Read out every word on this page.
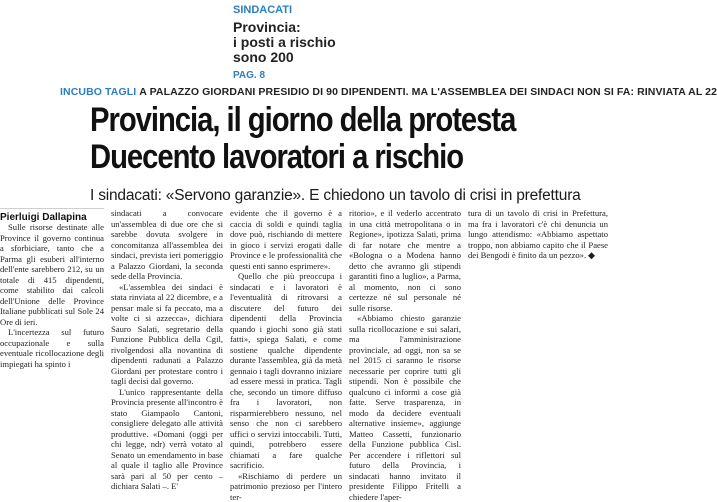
SINDACATI
Provincia:
i posti a rischio
sono 200
PAG. 8
INCUBO TAGLI A PALAZZO GIORDANI PRESIDIO DI 90 DIPENDENTI. MA L'ASSEMBLEA DEI SINDACI NON SI FA: RINVIATA AL 22
Provincia, il giorno della protesta
Duecento lavoratori a rischio
I sindacati: «Servono garanzie». E chiedono un tavolo di crisi in prefettura
Pierluigi Dallapina

Sulle risorse destinate alle Province il governo continua a sforbiciare, tanto che a Parma gli esuberi all'interno dell'ente sarebbero 212, su un totale di 415 dipendenti, come stabilito dai calcoli dell'Unione delle Province Italiane pubblicati sul Sole 24 Ore di ieri.

L'incertezza sul futuro occupazionale e sulla eventuale ricollocazione degli impiegati ha spinto i

sindacati a convocare un'assemblea di due ore che si sarebbe dovuta svolgere in concomitanza all'assemblea dei sindaci, prevista ieri pomeriggio a Palazzo Giordani, la seconda sede della Provincia.

«L'assemblea dei sindaci è stata rinviata al 22 dicembre, e a pensar male si fa peccato, ma a volte ci si azzecca», dichiara Sauro Salati, segretario della Funzione Pubblica della Cgil, rivolgendosi alla novantina di dipendenti radunati a Palazzo Giordani per protestare contro i tagli decisi dal governo.

L'unico rappresentante della Provincia presente all'incontro è stato Giampaolo Cantoni, consigliere delegato alle attività produttive. «Domani (oggi per chi legge, ndr) verrà votato al Senato un emendamento in base al quale il taglio alle Province sarà pari al 50 per cento – dichiara Salati –. E'

evidente che il governo è a caccia di soldi e quindi taglia dove può, rischiando di mettere in gioco i servizi erogati dalle Province e le professionalità che questi enti sanno esprimere».

Quello che più preoccupa i sindacati e i lavoratori è l'eventualità di ritrovarsi a discutere del futuro dei dipendenti della Provincia quando i giochi sono già stati fatti», spiega Salati, e come sostiene qualche dipendente durante l'assemblea, già da metà gennaio i tagli dovranno iniziare ad essere messi in pratica. Tagli che, secondo un timore diffuso fra i lavoratori, non risparmierebbero nessuno, nel senso che non ci sarebbero uffici o servizi intoccabili. Tutti, quindi, potrebbero essere chiamati a fare qualche sacrificio.

«Rischiamo di perdere un patrimonio prezioso per l'intero ter-

ritorio», e il vederlo accentrato in una città metropolitana o in Regione», ipotizza Salati, prima di far notare che mentre a «Bologna o a Modena hanno detto che avranno gli stipendi garantiti fino a luglio», a Parma, al momento, non ci sono certezze né sul personale né sulle risorse.

«Abbiamo chiesto garanzie sulla ricollocazione e sui salari, ma l'amministrazione provinciale, ad oggi, non sa se nel 2015 ci saranno le risorse necessarie per coprire tutti gli stipendi. Non è possibile che qualcuno ci informi a cose già fatte. Serve trasparenza, in modo da decidere eventuali alternative insieme», aggiunge Matteo Cassetti, funzionario della Funzione pubblica Cisl. Per accendere i riflettori sul futuro della Provincia, i sindacati hanno invitato il presidente Filippo Fritelli a chiedere l'aper-

tura di un tavolo di crisi in Prefettura, ma fra i lavoratori c'è chi denuncia un lungo attendismo: «Abbiamo aspettato troppo, non abbiamo capito che il Paese dei Bengodi è finito da un pezzo». ◆
